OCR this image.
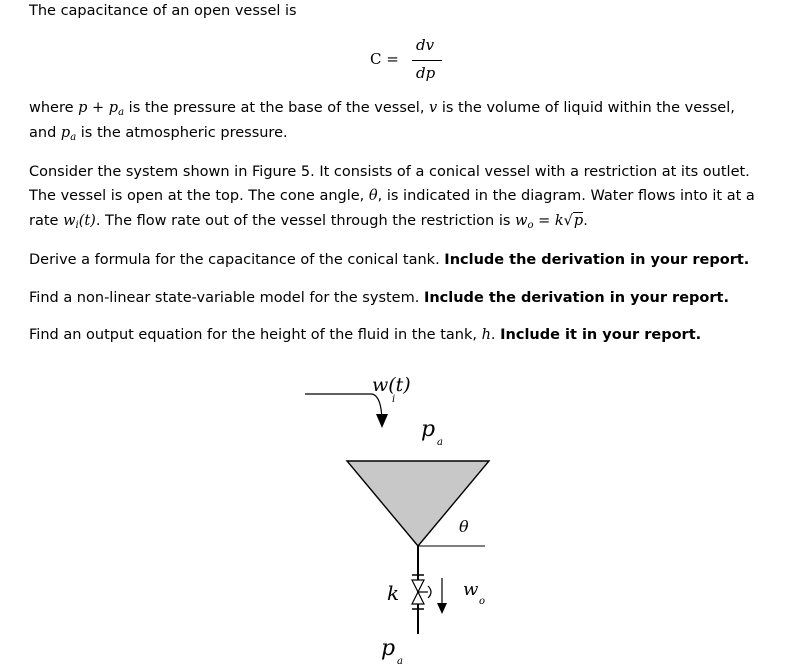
The capacitance of an open vessel is
C =
dv
dp
where $p + p_a$ is the pressure at the base of the vessel, v is the volume of liquid within the vessel,
and $p_a$ is the atmospheric pressure.
Consider the system shown in Figure 5. It consists of a conical vessel with a restriction at its outlet.
The vessel is open at the top. The cone angle, θ, is indicated in the diagram. Water flows into it at a
rate $w_i(t)$. The flow rate out of the vessel through the restriction is $w_o = k√p$.
Derive a formula for the capacitance of the conical tank. Include the derivation in your report.
Find a non-linear state-variable model for the system. Include the derivation in your report.
Find an output equation for the height of the fluid in the tank, h. Include it in your report.
w(t)
i
p
a
θ
k	w
o
p
a
